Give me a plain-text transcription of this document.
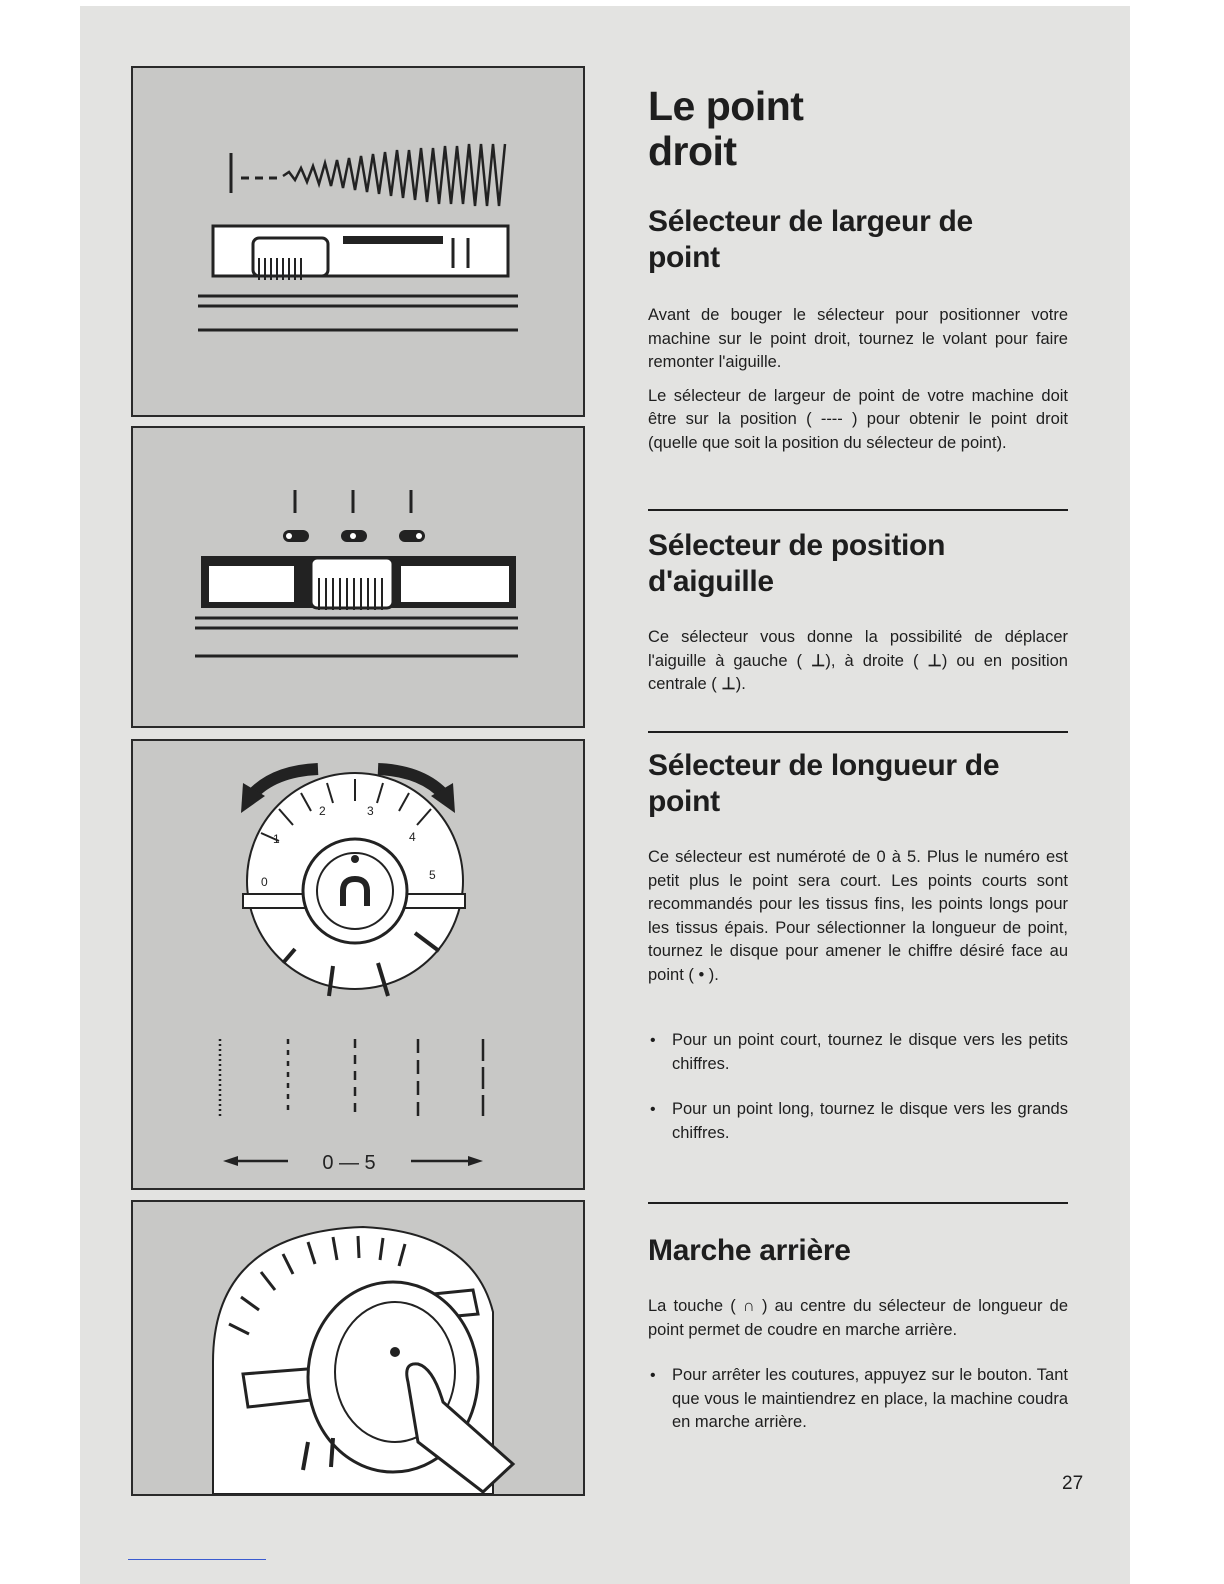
0
1
2	3
4
5
0 — 5
Le point
droit
Sélecteur de largeur de point

Avant de bouger le sélecteur pour positionner votre machine sur le point droit, tournez le volant pour faire remonter l'aiguille.

Le sélecteur de largeur de point de votre machine doit être sur la position ( ---- ) pour obtenir le point droit (quelle que soit la position du sélecteur de point).

Sélecteur de position d'aiguille

Ce sélecteur vous donne la possibilité de déplacer l'aiguille à gauche ( ⊥), à droite ( ⊥) ou en position centrale ( ⊥).

Sélecteur de longueur de point

Ce sélecteur est numéroté de 0 à 5. Plus le numéro est petit plus le point sera court. Les points courts sont recommandés pour les tissus fins, les points longs pour les tissus épais. Pour sélectionner la longueur de point, tournez le disque pour amener le chiffre désiré face au point ( • ).

• Pour un point court, tournez le disque vers les petits chiffres.

• Pour un point long, tournez le disque vers les grands chiffres.

Marche arrière

La touche ( ∩ ) au centre du sélecteur de longueur de point permet de coudre en marche arrière.

• Pour arrêter les coutures, appuyez sur le bouton. Tant que vous le maintiendrez en place, la machine coudra en marche arrière.

27
